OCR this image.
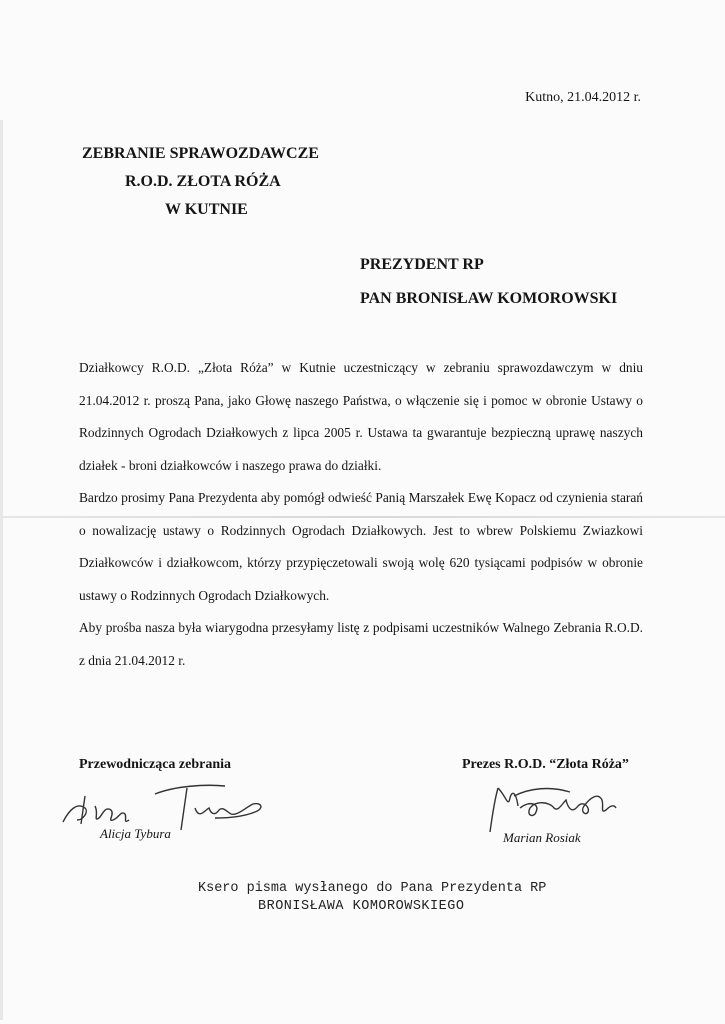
Kutno, 21.04.2012 r.
ZEBRANIE SPRAWOZDAWCZE
R.O.D. ZŁOTA RÓŻA
W KUTNIE
PREZYDENT RP
PAN BRONISŁAW KOMOROWSKI

Działkowcy R.O.D. „Złota Róża” w Kutnie uczestniczący w zebraniu sprawozdawczym w dniu 21.04.2012 r. proszą Pana, jako Głowę naszego Państwa, o włączenie się i pomoc w obronie Ustawy o Rodzinnych Ogrodach Działkowych z lipca 2005 r. Ustawa ta gwarantuje bezpieczną uprawę naszych działek - broni działkowców i naszego prawa do działki.

Bardzo prosimy Pana Prezydenta aby pomógł odwieść Panią Marszałek Ewę Kopacz od czynienia starań o nowalizację ustawy o Rodzinnych Ogrodach Działkowych. Jest to wbrew Polskiemu Zwiazkowi Działkowców i działkowcom, którzy przypięczetowali swoją wolę 620 tysiącami podpisów w obronie ustawy o Rodzinnych Ogrodach Działkowych.

Aby prośba nasza była wiarygodna przesyłamy listę z podpisami uczestników Walnego Zebrania R.O.D. z dnia 21.04.2012 r.

Przewodnicząca zebrania	Prezes R.O.D. “Złota Róża”
Alicja Tybura	Marian Rosiak
Ksero pisma wysłanego do Pana Prezydenta RP
BRONISŁAWA KOMOROWSKIEGO
